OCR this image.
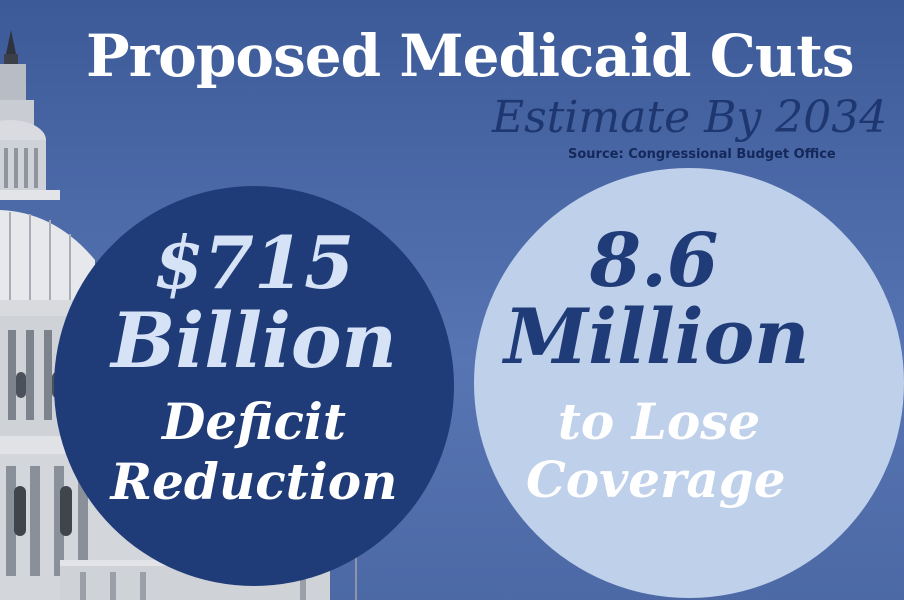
Proposed Medicaid Cuts
Estimate By 2034
Source: Congressional Budget Office
$715
Billion
Deficit
Reduction
8.6
Million
to Lose
Coverage
